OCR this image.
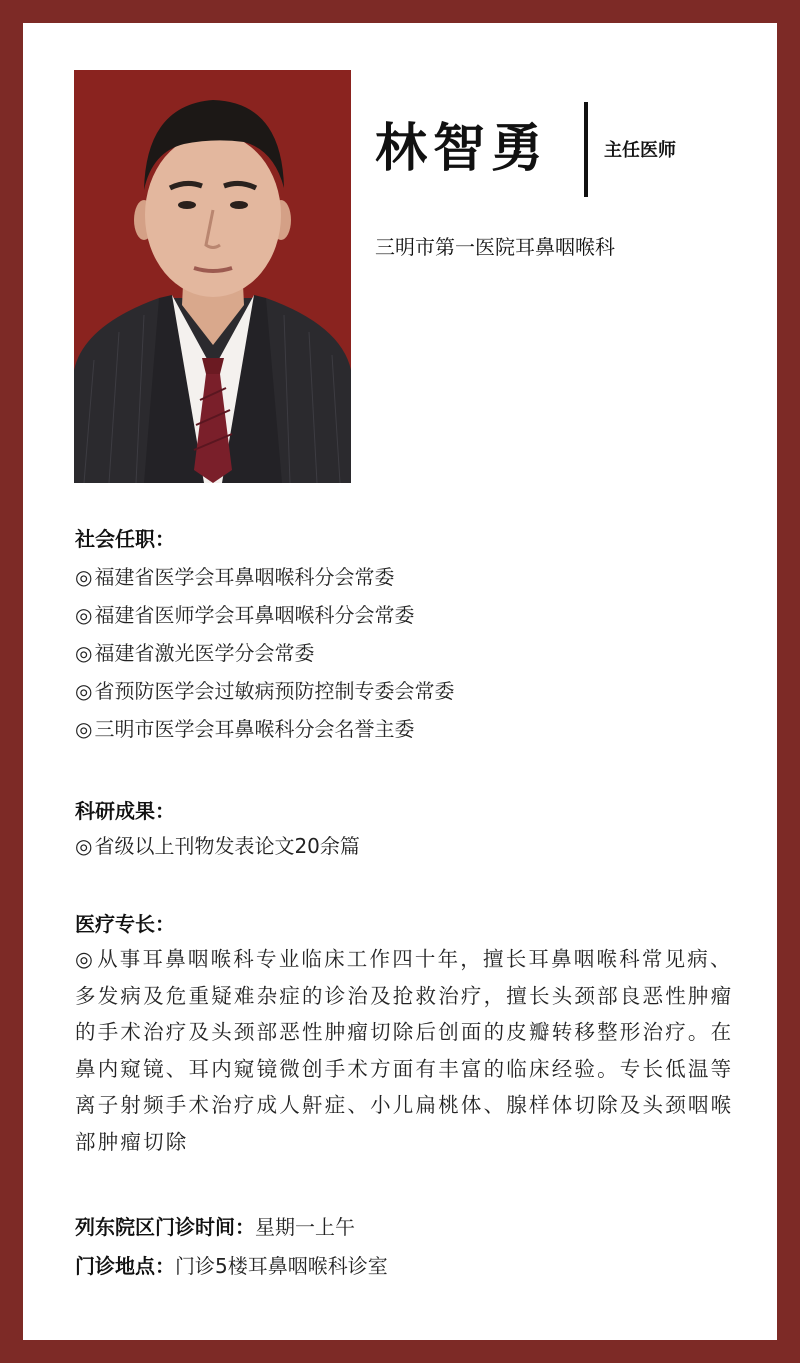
林智勇	主任医师
三明市第一医院耳鼻咽喉科
社会任职：
◎ 福建省医学会耳鼻咽喉科分会常委
◎ 福建省医师学会耳鼻咽喉科分会常委
◎ 福建省激光医学分会常委
◎ 省预防医学会过敏病预防控制专委会常委
◎ 三明市医学会耳鼻喉科分会名誉主委
科研成果：
◎ 省级以上刊物发表论文20余篇
医疗专长：

◎从事耳鼻咽喉科专业临床工作四十年，擅长耳鼻咽喉科常见病、多发病及危重疑难杂症的诊治及抢救治疗，擅长头颈部良恶性肿瘤的手术治疗及头颈部恶性肿瘤切除后创面的皮瓣转移整形治疗。在鼻内窥镜、耳内窥镜微创手术方面有丰富的临床经验。专长低温等离子射频手术治疗成人鼾症、小儿扁桃体、腺样体切除及头颈咽喉部肿瘤切除

列东院区门诊时间：星期一上午
门诊地点：门诊5楼耳鼻咽喉科诊室
